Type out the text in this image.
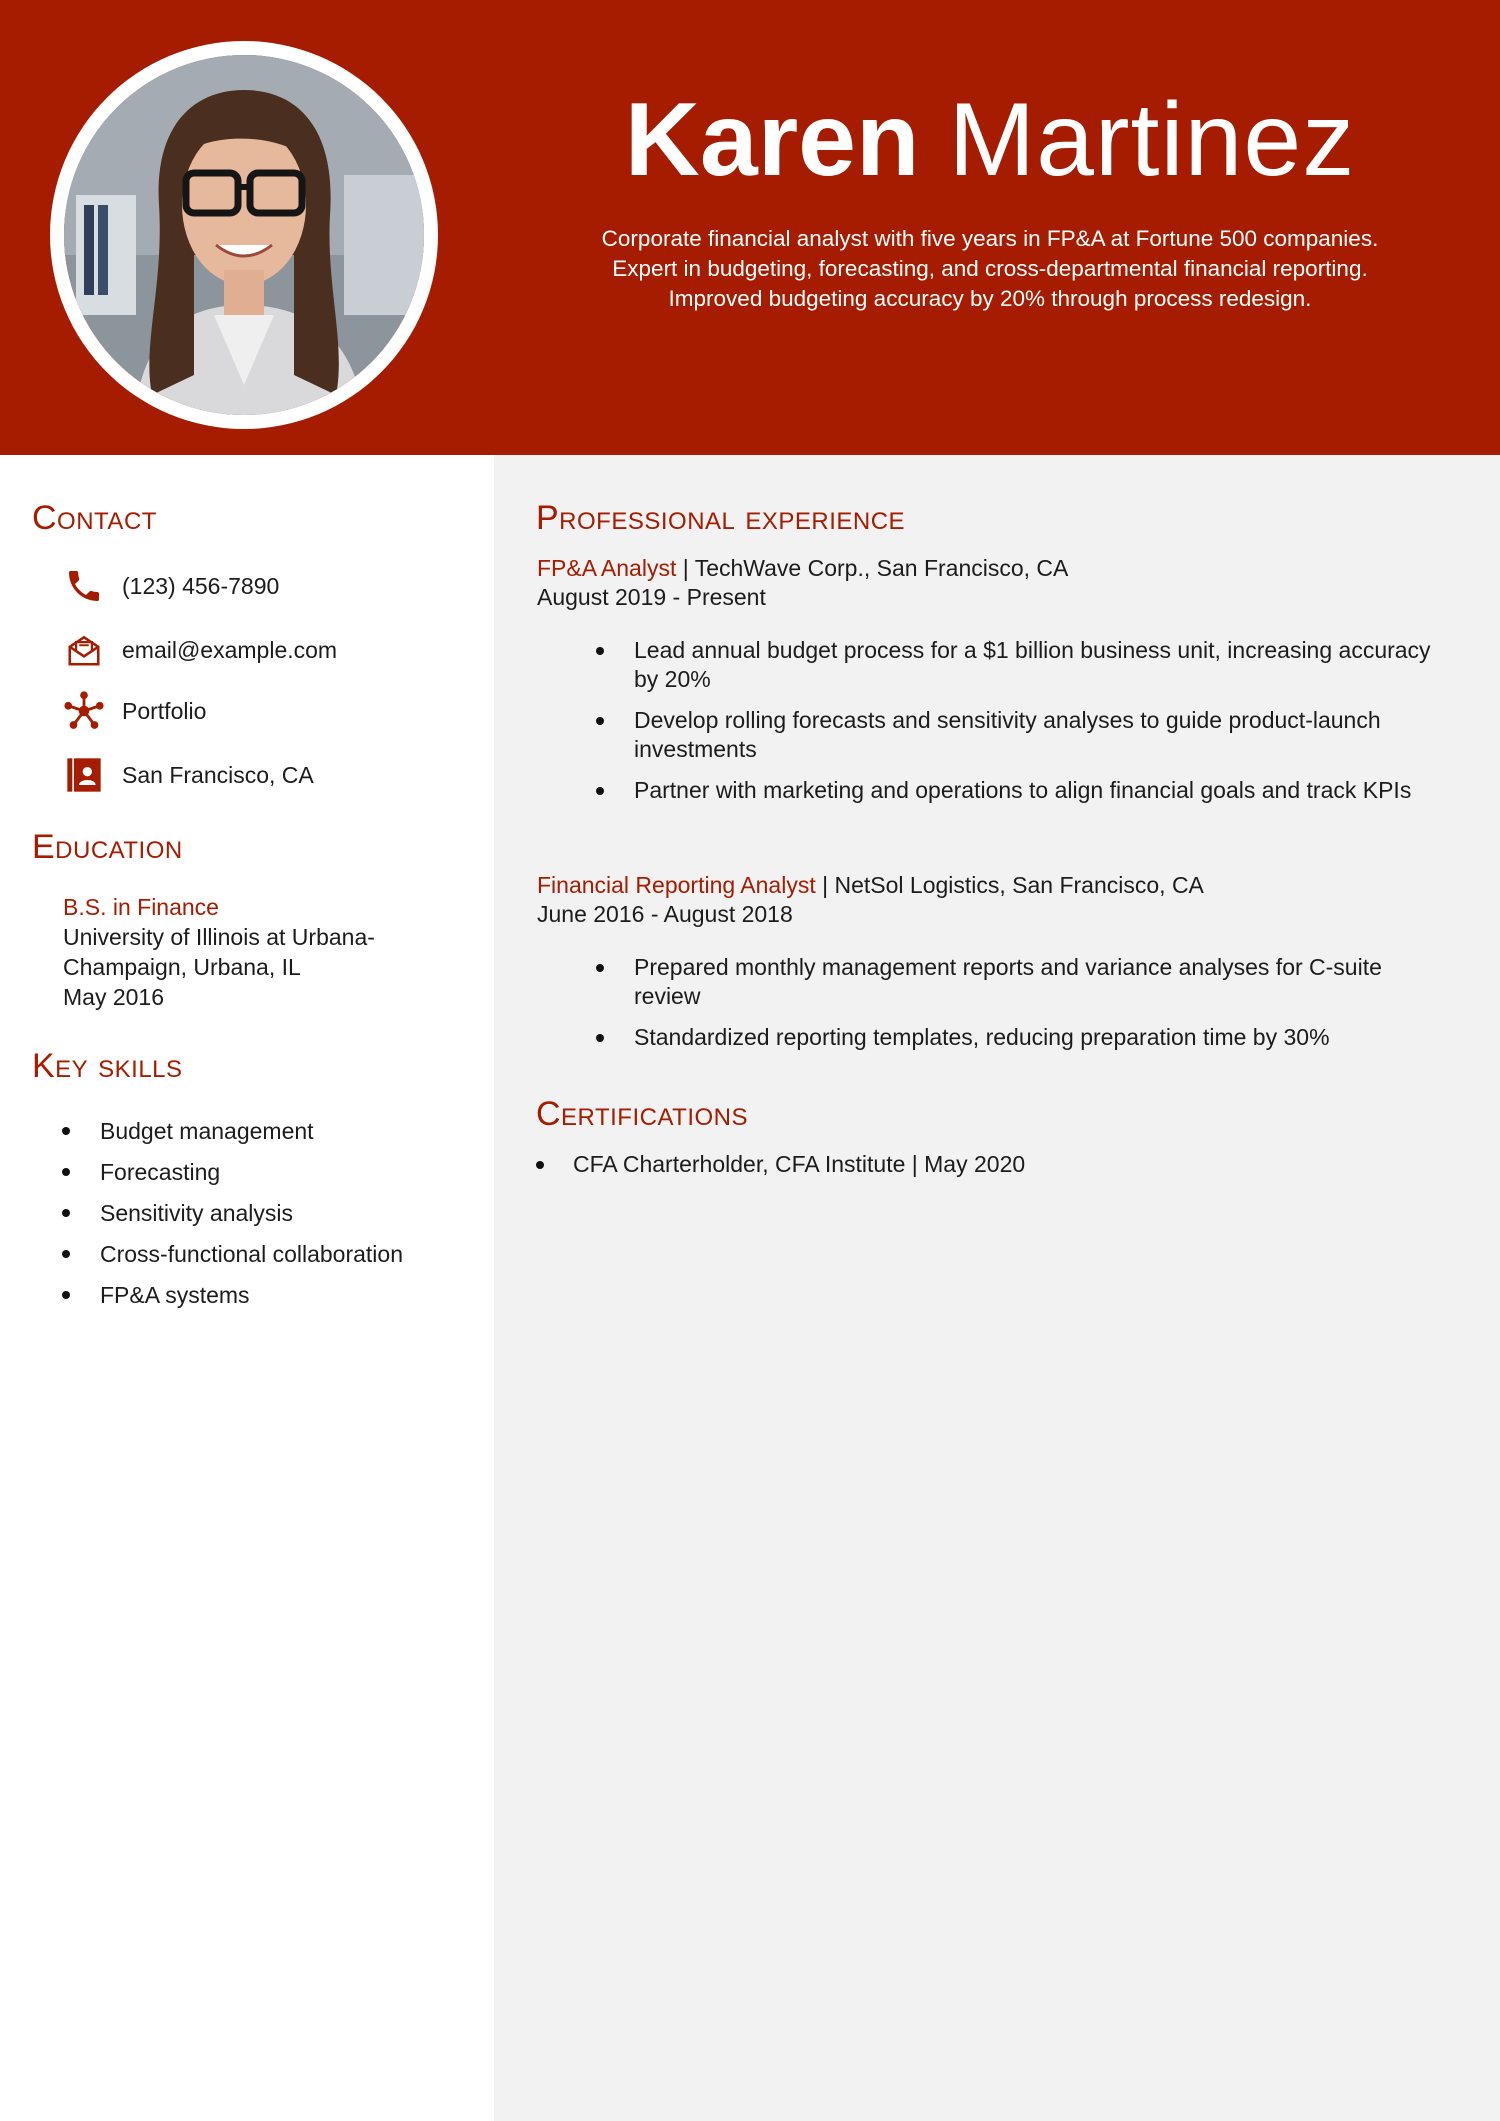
Karen Martinez
Corporate financial analyst with five years in FP&A at Fortune 500 companies.
Expert in budgeting, forecasting, and cross-departmental financial reporting.
Improved budgeting accuracy by 20% through process redesign.
Contact
(123) 456-7890
email@example.com
Portfolio
San Francisco, CA
Education
B.S. in Finance
University of Illinois at Urbana-
Champaign, Urbana, IL
May 2016
Key skills
Budget management
Forecasting
Sensitivity analysis
Cross-functional collaboration
FP&A systems
Professional experience
FP&A Analyst | TechWave Corp., San Francisco, CA
August 2019 - Present
Lead annual budget process for a $1 billion business unit, increasing accuracy by 20%
Develop rolling forecasts and sensitivity analyses to guide product-launch investments
Partner with marketing and operations to align financial goals and track KPIs
Financial Reporting Analyst | NetSol Logistics, San Francisco, CA
June 2016 - August 2018
Prepared monthly management reports and variance analyses for C-suite review
Standardized reporting templates, reducing preparation time by 30%
Certifications
CFA Charterholder, CFA Institute | May 2020
